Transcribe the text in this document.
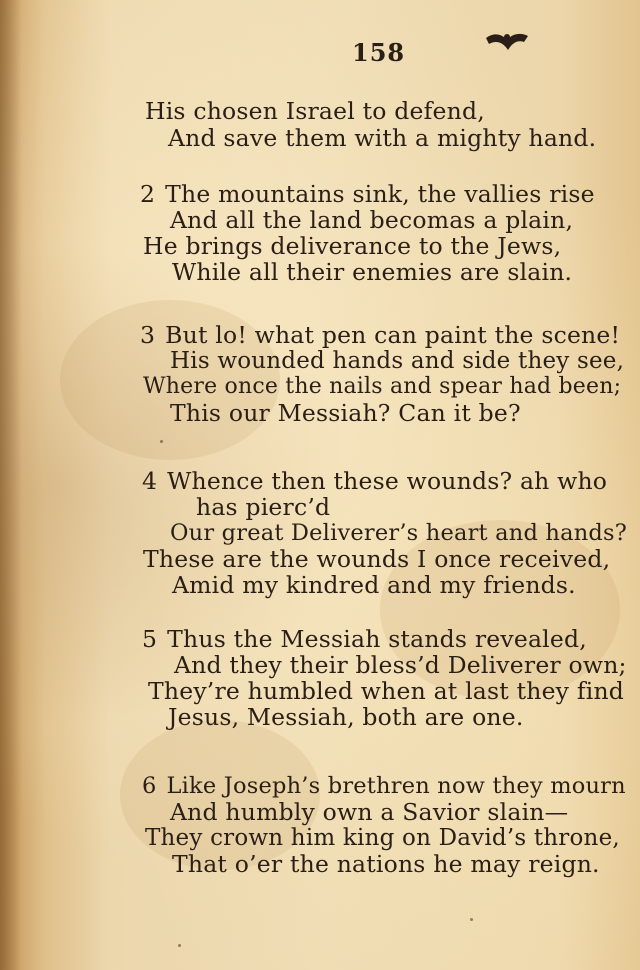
158
His chosen Israel to defend,
And save them with a mighty hand.
2 The mountains sink, the vallies rise
And all the land becomas a plain,
He brings deliverance to the Jews,
While all their enemies are slain.
3 But lo! what pen can paint the scene!
His wounded hands and side they see,
Where once the nails and spear had been;
This our Messiah? Can it be?
4 Whence then these wounds? ah who
has pierc’d
Our great Deliverer’s heart and hands?
These are the wounds I once received,
Amid my kindred and my friends.
5 Thus the Messiah stands revealed,
And they their bless’d Deliverer own;
They’re humbled when at last they find
Jesus, Messiah, both are one.
6 Like Joseph’s brethren now they mourn
And humbly own a Savior slain—
They crown him king on David’s throne,
That o’er the nations he may reign.
